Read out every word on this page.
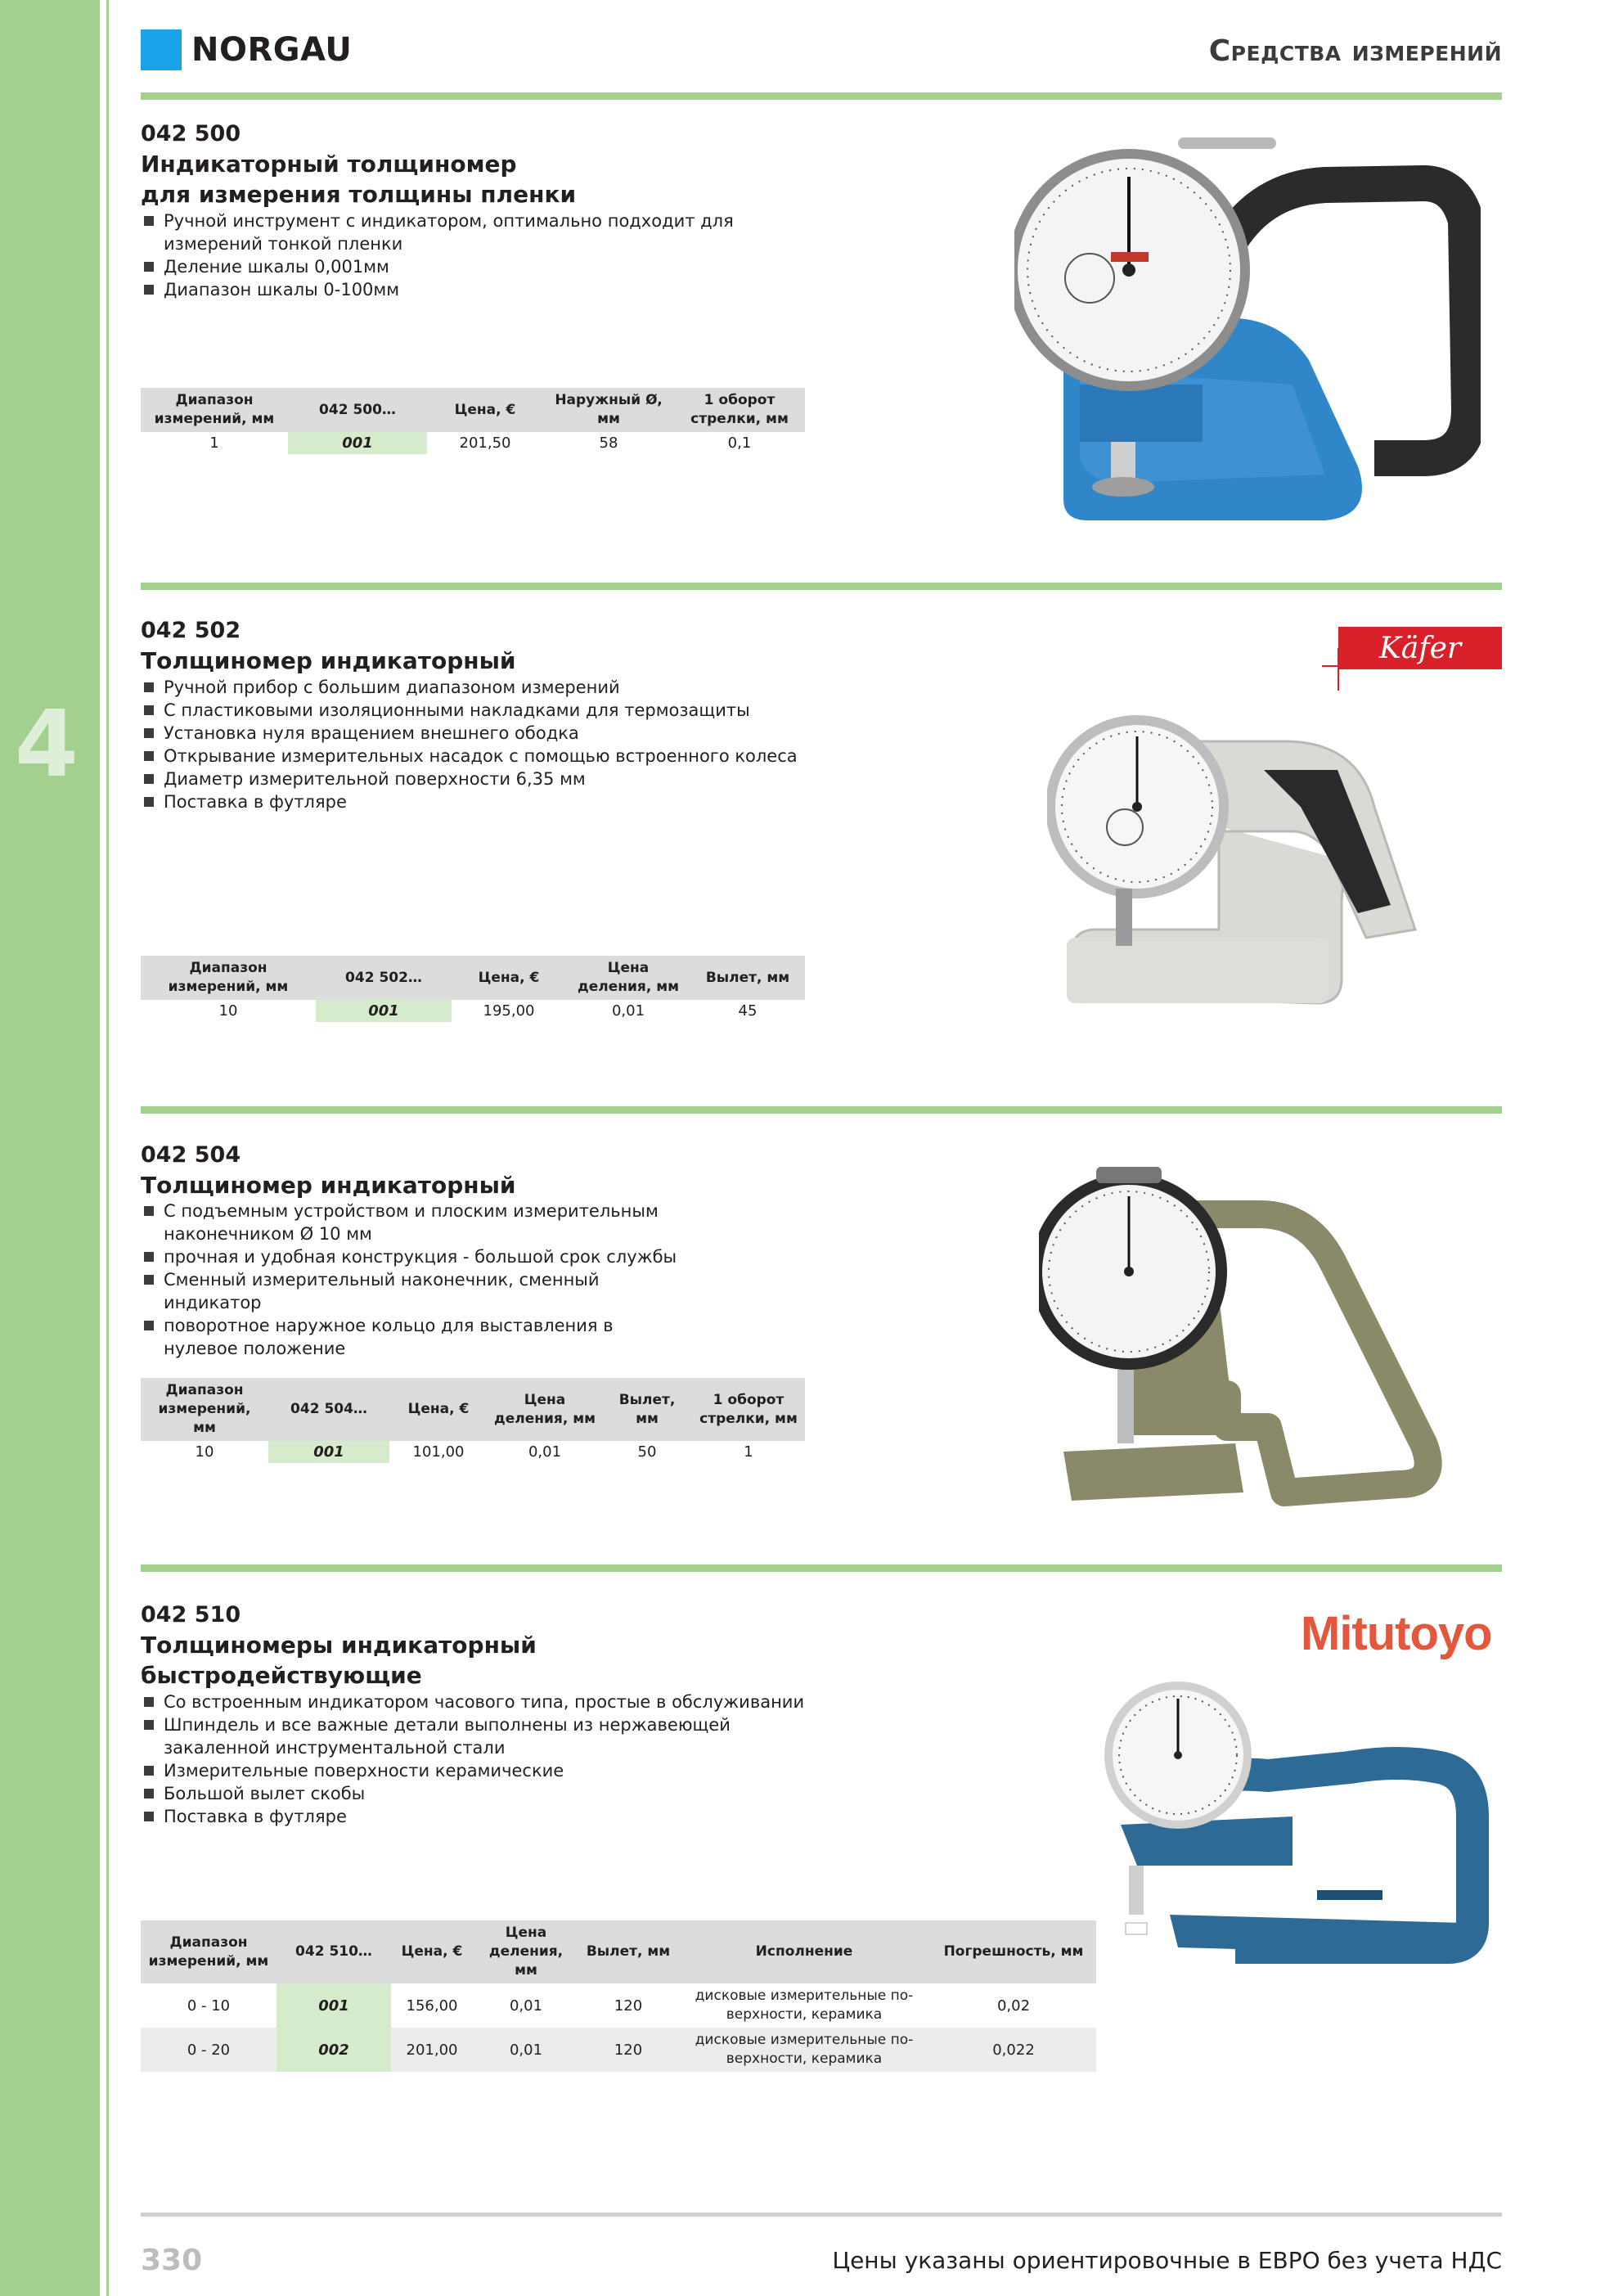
4
NORGAU	Средства измерений
042 500
Индикаторный толщиномер
для измерения толщины пленки
Ручной инструмент с индикатором, оптимально подходит для измерений тонкой пленки
Деление шкалы 0,001мм
Диапазон шкалы 0-100мм
Диапазон измерений, мм	042 500…	Цена, €	Наружный Ø, мм	1 оборот стрелки, мм
1	001	201,50	58	0,1
042 502
Толщиномер индикаторный
Ручной прибор с большим диапазоном измерений
С пластиковыми изоляционными накладками для термозащиты
Установка нуля вращением внешнего ободка
Открывание измерительных насадок с помощью встроенного колеса
Диаметр измерительной поверхности 6,35 мм
Поставка в футляре
Диапазон измерений, мм	042 502…	Цена, €	Цена деления, мм	Вылет, мм
10	001	195,00	0,01	45
Käfer
042 504
Толщиномер индикаторный
С подъемным устройством и плоским измерительным наконечником Ø 10 мм
прочная и удобная конструкция - большой срок службы
Сменный измерительный наконечник, сменный индикатор
поворотное наружное кольцо для выставления в нулевое положение
Диапазон измерений, мм	042 504…	Цена, €	Цена деления, мм	Вылет, мм	1 оборот стрелки, мм
10	001	101,00	0,01	50	1
Mitutoyo
042 510
Толщиномеры индикаторный
быстродействующие
Со встроенным индикатором часового типа, простые в обслуживании
Шпиндель и все важные детали выполнены из нержавеющей закаленной инструментальной стали
Измерительные поверхности керамические
Большой вылет скобы
Поставка в футляре
Диапазон измерений, мм	042 510…	Цена, €	Цена деления, мм	Вылет, мм	Исполнение	Погрешность, мм
0 - 10	001	156,00	0,01	120	дисковые измерительные по-верхности, керамика	0,02
0 - 20	002	201,00	0,01	120	дисковые измерительные по-верхности, керамика	0,022
330	Цены указаны ориентировочные в ЕВРО без учета НДС
